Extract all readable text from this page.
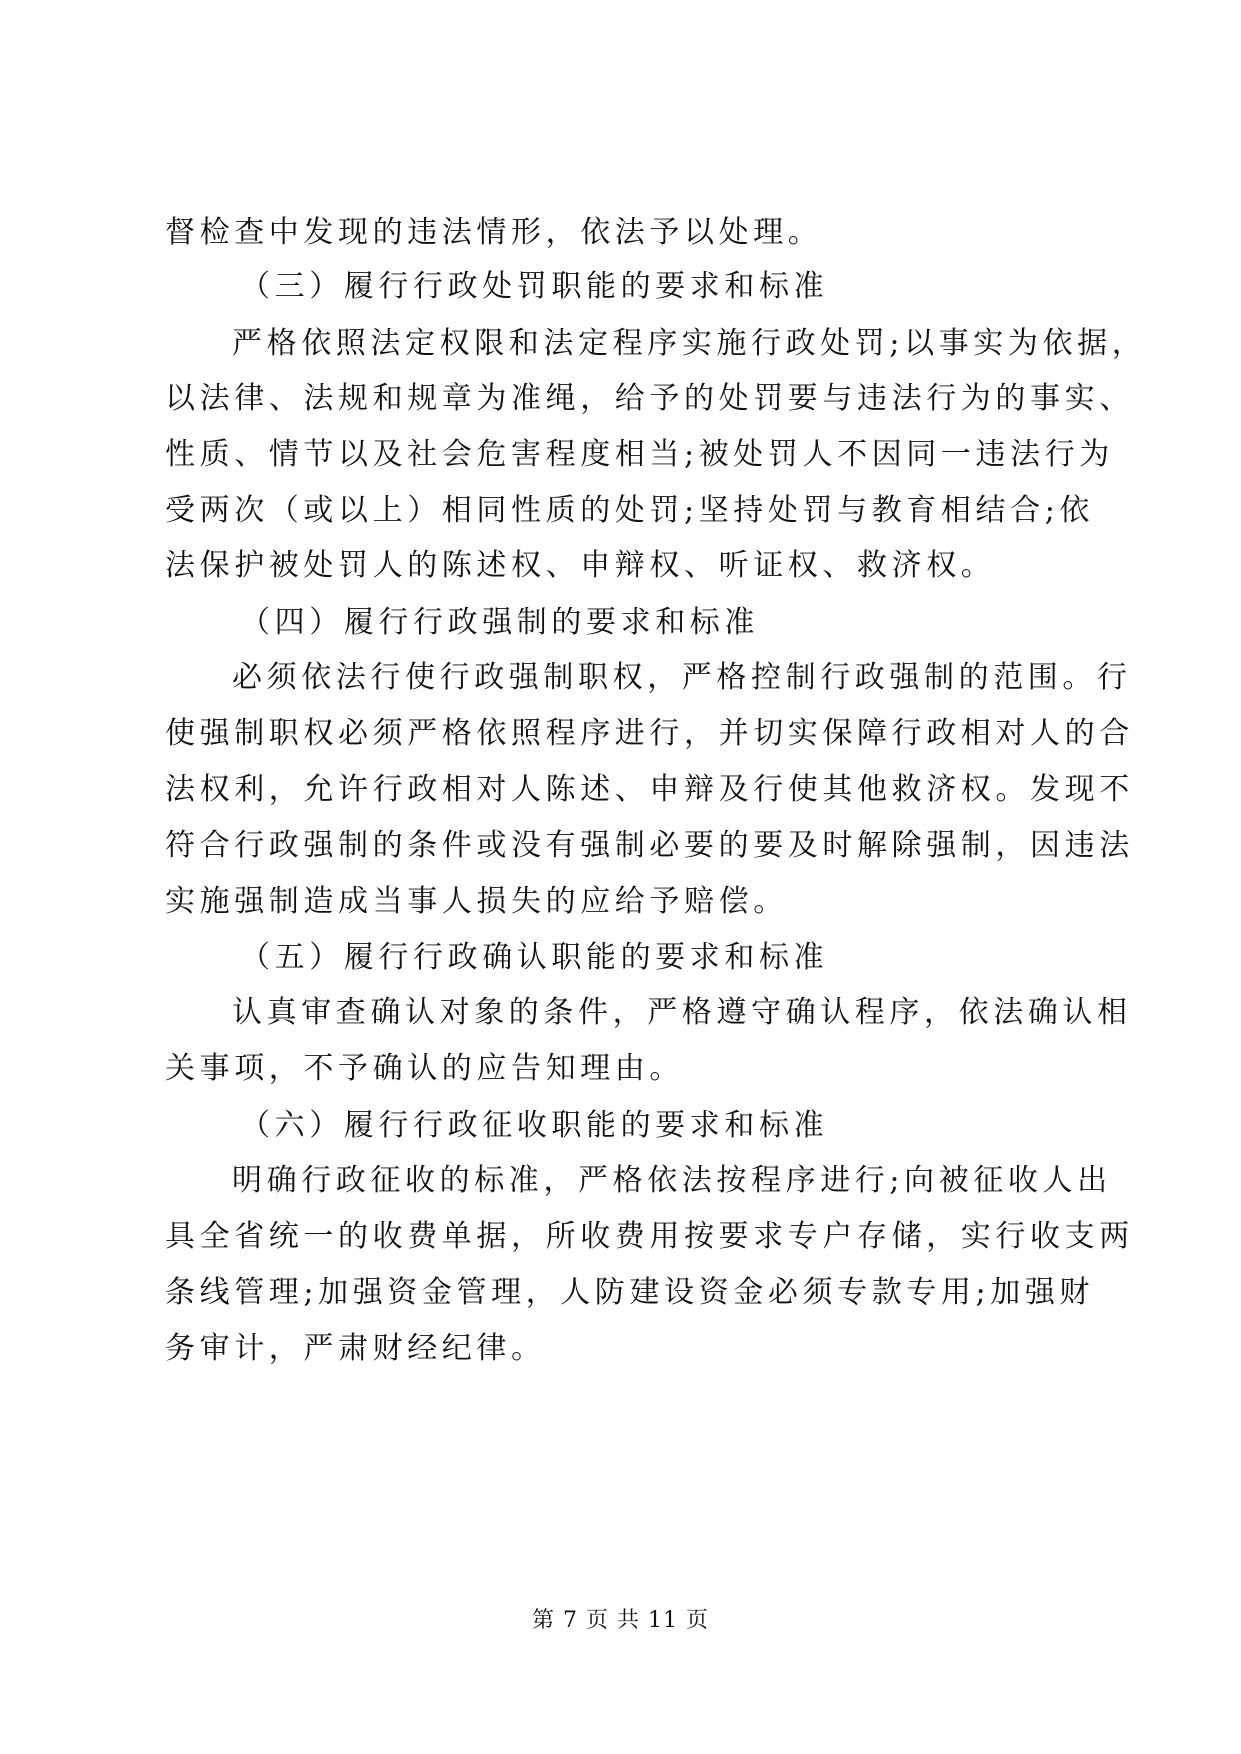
督检查中发现的违法情形，依法予以处理。
（三）履行行政处罚职能的要求和标准
严格依照法定权限和法定程序实施行政处罚;以事实为依据，
以法律、法规和规章为准绳，给予的处罚要与违法行为的事实、
性质、情节以及社会危害程度相当;被处罚人不因同一违法行为
受两次（或以上）相同性质的处罚;坚持处罚与教育相结合;依
法保护被处罚人的陈述权、申辩权、听证权、救济权。
（四）履行行政强制的要求和标准
必须依法行使行政强制职权，严格控制行政强制的范围。行
使强制职权必须严格依照程序进行，并切实保障行政相对人的合
法权利，允许行政相对人陈述、申辩及行使其他救济权。发现不
符合行政强制的条件或没有强制必要的要及时解除强制，因违法
实施强制造成当事人损失的应给予赔偿。
（五）履行行政确认职能的要求和标准
认真审查确认对象的条件，严格遵守确认程序，依法确认相
关事项，不予确认的应告知理由。
（六）履行行政征收职能的要求和标准
明确行政征收的标准，严格依法按程序进行;向被征收人出
具全省统一的收费单据，所收费用按要求专户存储，实行收支两
条线管理;加强资金管理，人防建设资金必须专款专用;加强财
务审计，严肃财经纪律。
第 7 页 共 11 页
